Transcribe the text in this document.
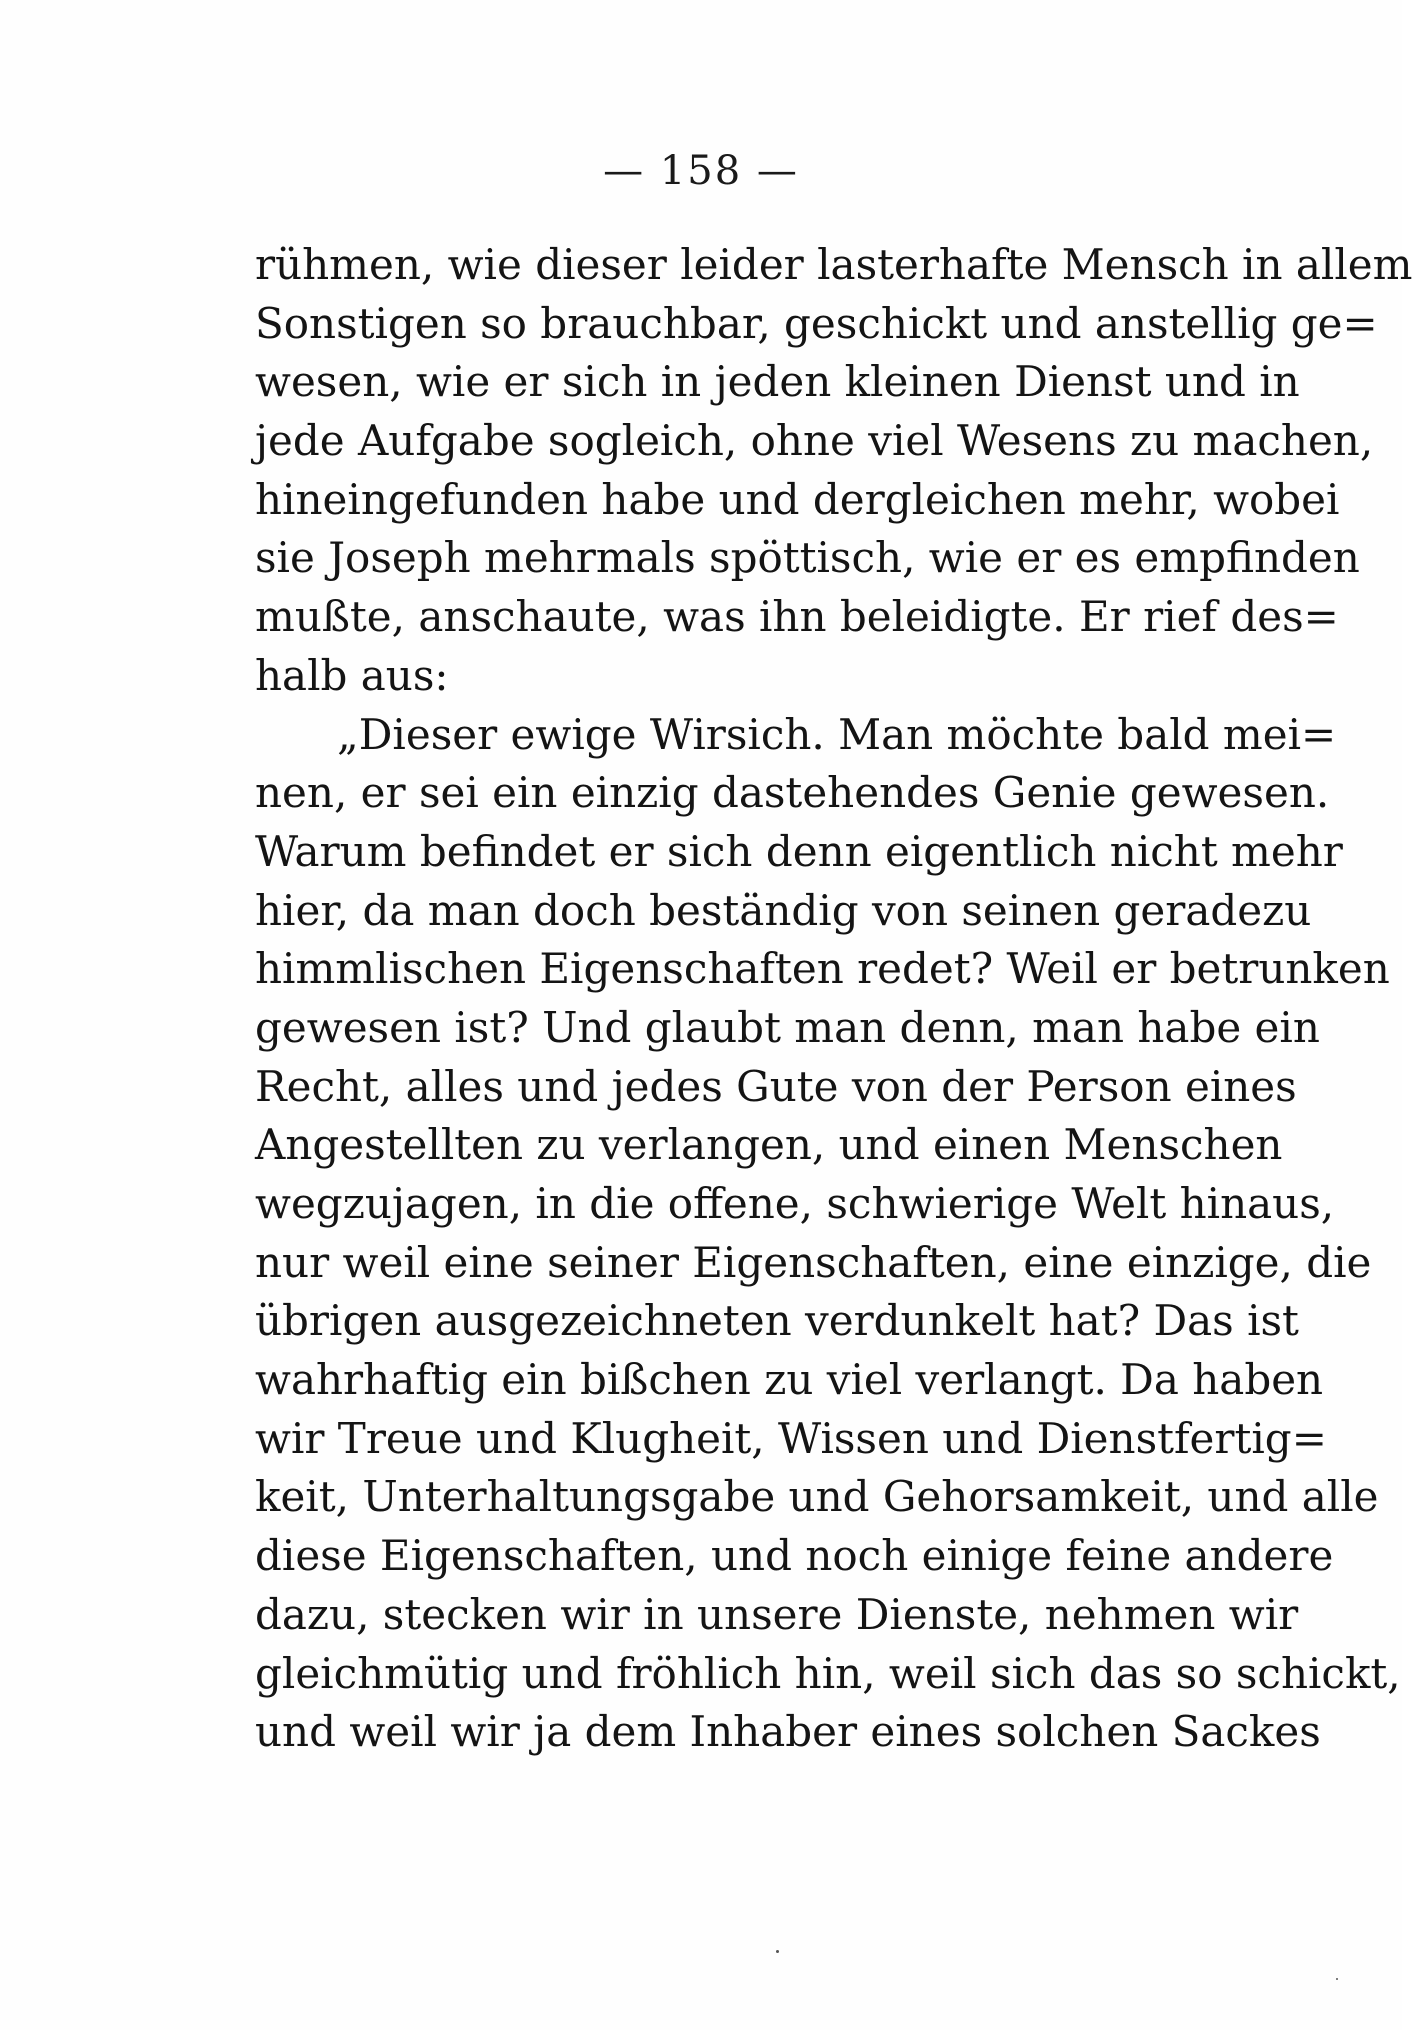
— 158 —
rühmen, wie dieser leider lasterhafte Mensch in allem
Sonstigen so brauchbar, geschickt und anstellig ge=
wesen, wie er sich in jeden kleinen Dienst und in
jede Aufgabe sogleich, ohne viel Wesens zu machen,
hineingefunden habe und dergleichen mehr, wobei
sie Joseph mehrmals spöttisch, wie er es empfinden
mußte, anschaute, was ihn beleidigte. Er rief des=
halb aus:
„Dieser ewige Wirsich. Man möchte bald mei=
nen, er sei ein einzig dastehendes Genie gewesen.
Warum befindet er sich denn eigentlich nicht mehr
hier, da man doch beständig von seinen geradezu
himmlischen Eigenschaften redet? Weil er betrunken
gewesen ist? Und glaubt man denn, man habe ein
Recht, alles und jedes Gute von der Person eines
Angestellten zu verlangen, und einen Menschen
wegzujagen, in die offene, schwierige Welt hinaus,
nur weil eine seiner Eigenschaften, eine einzige, die
übrigen ausgezeichneten verdunkelt hat? Das ist
wahrhaftig ein bißchen zu viel verlangt. Da haben
wir Treue und Klugheit, Wissen und Dienstfertig=
keit, Unterhaltungsgabe und Gehorsamkeit, und alle
diese Eigenschaften, und noch einige feine andere
dazu, stecken wir in unsere Dienste, nehmen wir
gleichmütig und fröhlich hin, weil sich das so schickt,
und weil wir ja dem Inhaber eines solchen Sackes
